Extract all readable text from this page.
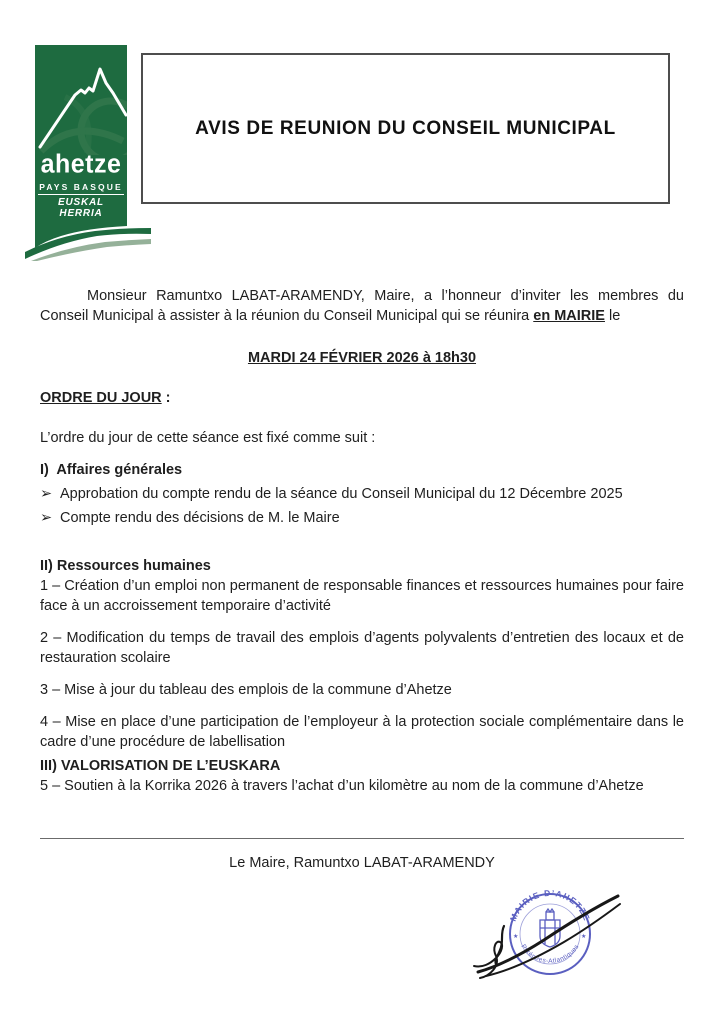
ahetze
PAYS BASQUE
EUSKAL HERRIA
AVIS DE REUNION DU CONSEIL MUNICIPAL

Monsieur Ramuntxo LABAT-ARAMENDY, Maire, a l’honneur d’inviter les membres du Conseil Municipal à assister à la réunion du Conseil Municipal qui se réunira en MAIRIE le

MARDI 24 FÉVRIER 2026 à 18h30

ORDRE DU JOUR :

L’ordre du jour de cette séance est fixé comme suit :

I)  Affaires générales

➢ Approbation du compte rendu de la séance du Conseil Municipal du 12 Décembre 2025
➢ Compte rendu des décisions de M. le Maire

II) Ressources humaines

1 – Création d’un emploi non permanent de responsable finances et ressources humaines pour faire face à un accroissement temporaire d’activité

2 – Modification du temps de travail des emplois d’agents polyvalents d’entretien des locaux et de restauration scolaire

3 – Mise à jour du tableau des emplois de la commune d’Ahetze

4 – Mise en place d’une participation de l’employeur à la protection sociale complémentaire dans le cadre d’une procédure de labellisation

III) VALORISATION DE L’EUSKARA

5 – Soutien à la Korrika 2026 à travers l’achat d’un kilomètre au nom de la commune d’Ahetze

Le Maire, Ramuntxo LABAT-ARAMENDY

MAIRIE D’AHETZE
Pyrénées-Atlantiques
★	★
